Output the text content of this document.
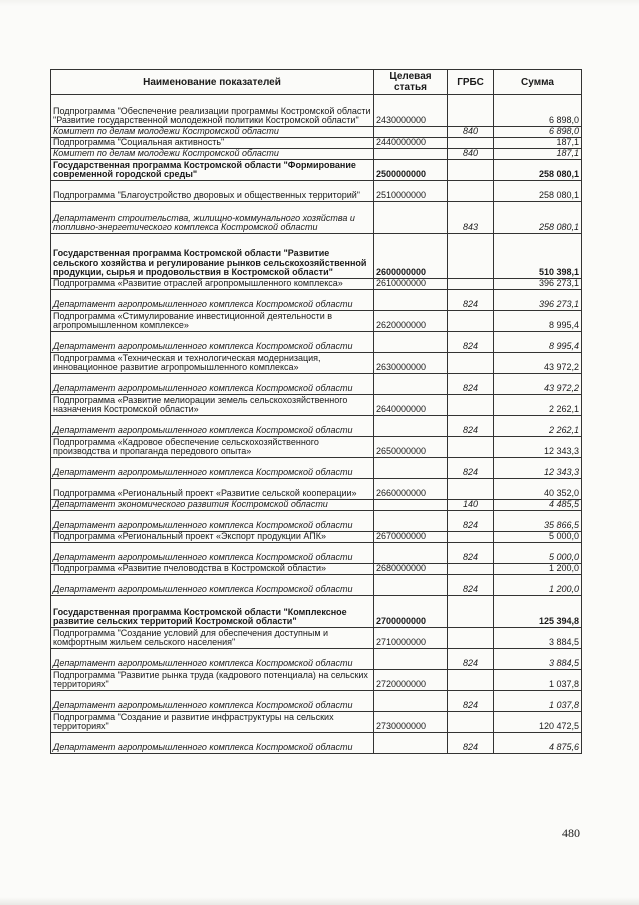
Наименование показателей	Целевая статья	ГРБС	Сумма
Подпрограмма "Обеспечение реализации программы Костромской области "Развитие государственной молодежной политики Костромской области"	2430000000		6 898,0
Комитет по делам молодежи Костромской области		840	6 898,0
Подпрограмма "Социальная активность"	2440000000		187,1
Комитет по делам молодежи Костромской области		840	187,1
Государственная программа Костромской области "Формирование современной городской среды"	2500000000		258 080,1
Подпрограмма "Благоустройство дворовых и общественных территорий"	2510000000		258 080,1
Департамент строительства, жилищно-коммунального хозяйства и топливно-энергетического комплекса Костромской области		843	258 080,1
Государственная программа Костромской области "Развитие сельского хозяйства и регулирование рынков сельскохозяйственной продукции, сырья и продовольствия в Костромской области"	2600000000		510 398,1
Подпрограмма «Развитие отраслей агропромышленного комплекса»	2610000000		396 273,1
Департамент агропромышленного комплекса Костромской области		824	396 273,1
Подпрограмма «Стимулирование инвестиционной деятельности в агропромышленном комплексе»	2620000000		8 995,4
Департамент агропромышленного комплекса Костромской области		824	8 995,4
Подпрограмма «Техническая и технологическая модернизация, инновационное развитие агропромышленного комплекса»	2630000000		43 972,2
Департамент агропромышленного комплекса Костромской области		824	43 972,2
Подпрограмма «Развитие мелиорации земель сельскохозяйственного назначения Костромской области»	2640000000		2 262,1
Департамент агропромышленного комплекса Костромской области		824	2 262,1
Подпрограмма «Кадровое обеспечение сельскохозяйственного производства и пропаганда передового опыта»	2650000000		12 343,3
Департамент агропромышленного комплекса Костромской области		824	12 343,3
Подпрограмма «Региональный проект «Развитие сельской кооперации»	2660000000		40 352,0
Департамент экономического развития Костромской области		140	4 485,5
Департамент агропромышленного комплекса Костромской области		824	35 866,5
Подпрограмма «Региональный проект «Экспорт продукции АПК»	2670000000		5 000,0
Департамент агропромышленного комплекса Костромской области		824	5 000,0
Подпрограмма «Развитие пчеловодства в Костромской области»	2680000000		1 200,0
Департамент агропромышленного комплекса Костромской области		824	1 200,0
Государственная программа Костромской области "Комплексное развитие сельских территорий Костромской области"	2700000000		125 394,8
Подпрограмма "Создание условий для обеспечения доступным и комфортным жильем сельского населения"	2710000000		3 884,5
Департамент агропромышленного комплекса Костромской области		824	3 884,5
Подпрограмма "Развитие рынка труда (кадрового потенциала) на сельских территориях"	2720000000		1 037,8
Департамент агропромышленного комплекса Костромской области		824	1 037,8
Подпрограмма "Создание и развитие инфраструктуры на сельских территориях"	2730000000		120 472,5
Департамент агропромышленного комплекса Костромской области		824	4 875,6
480
